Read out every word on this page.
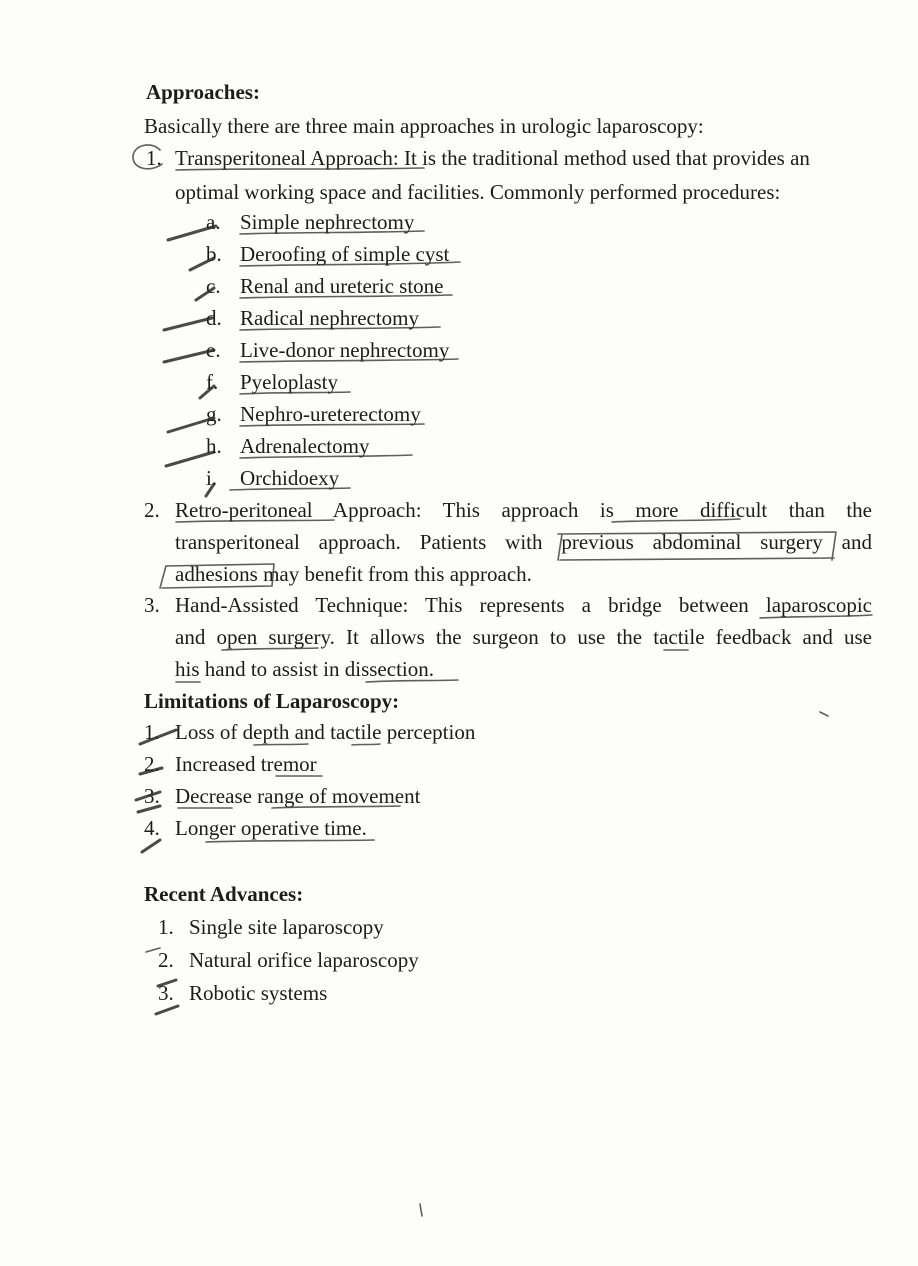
Approaches:
Basically there are three main approaches in urologic laparoscopy:
1. Transperitoneal Approach: It is the traditional method used that provides an
optimal working space and facilities. Commonly performed procedures:
a. Simple nephrectomy
b. Deroofing of simple cyst
c. Renal and ureteric stone
d. Radical nephrectomy
e. Live-donor nephrectomy
f. Pyeloplasty
g. Nephro-ureterectomy
h. Adrenalectomy
i. Orchidoexy
2. Retro-peritoneal Approach: This approach is more difficult than the
transperitoneal approach. Patients with previous abdominal surgery and
adhesions may benefit from this approach.
3. Hand-Assisted Technique: This represents a bridge between laparoscopic
and open surgery. It allows the surgeon to use the tactile feedback and use
his hand to assist in dissection.
Limitations of Laparoscopy:
1. Loss of depth and tactile perception
2. Increased tremor
3. Decrease range of movement
4. Longer operative time.
Recent Advances:
1. Single site laparoscopy
2. Natural orifice laparoscopy
3. Robotic systems
